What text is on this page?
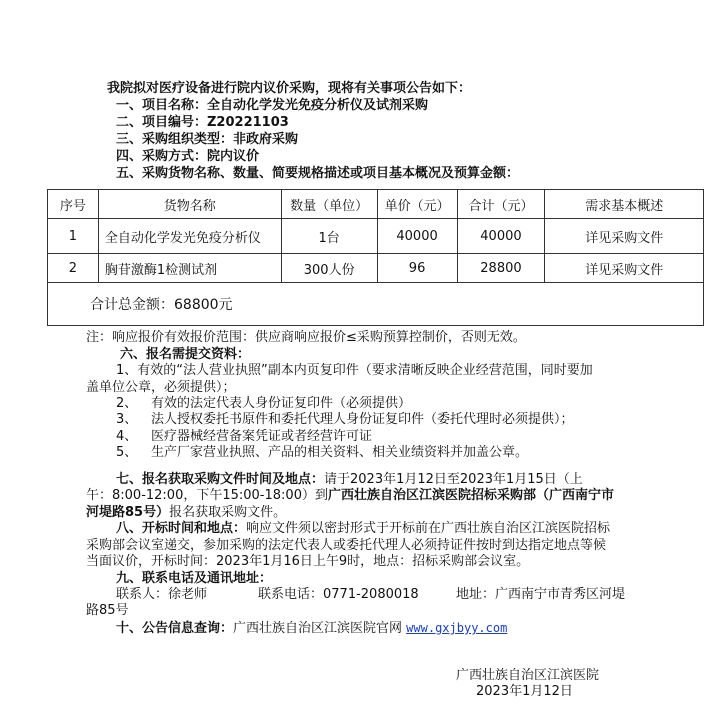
我院拟对医疗设备进行院内议价采购，现将有关事项公告如下：
一、项目名称：全自动化学发光免疫分析仪及试剂采购
二、项目编号：Z20221103
三、采购组织类型：非政府采购
四、采购方式：院内议价
五、采购货物名称、数量、简要规格描述或项目基本概况及预算金额：
序号	货物名称	数量（单位）	单价（元）	合计（元）	需求基本概述
1	全自动化学发光免疫分析仪	1台	40000	40000	详见采购文件
2	胸苷激酶1检测试剂	300人份	96	28800	详见采购文件
合计总金额：68800元					
注：响应报价有效报价范围：供应商响应报价≤采购预算控制价，否则无效。
六、报名需提交资料：
1、有效的“法人营业执照”副本内页复印件（要求清晰反映企业经营范围，同时要加
盖单位公章，必须提供）；
2、 有效的法定代表人身份证复印件（必须提供）
3、 法人授权委托书原件和委托代理人身份证复印件（委托代理时必须提供）；
4、 医疗器械经营备案凭证或者经营许可证
5、 生产厂家营业执照、产品的相关资料、相关业绩资料并加盖公章。
七、报名获取采购文件时间及地点：请于2023年1月12日至2023年1月15日（上
午：8:00-12:00，下午15:00-18:00）到广西壮族自治区江滨医院招标采购部（广西南宁市
河堤路85号）报名获取采购文件。
八、开标时间和地点：响应文件须以密封形式于开标前在广西壮族自治区江滨医院招标
采购部会议室递交，参加采购的法定代表人或委托代理人必须持证件按时到达指定地点等候
当面议价，开标时间：2023年1月16日上午9时，地点：招标采购部会议室。
九、联系电话及通讯地址：
联系人：徐老师	联系电话：0771-2080018	地址：广西南宁市青秀区河堤
路85号
十、公告信息查询：广西壮族自治区江滨医院官网 www.gxjbyy.com
广西壮族自治区江滨医院
2023年1月12日
